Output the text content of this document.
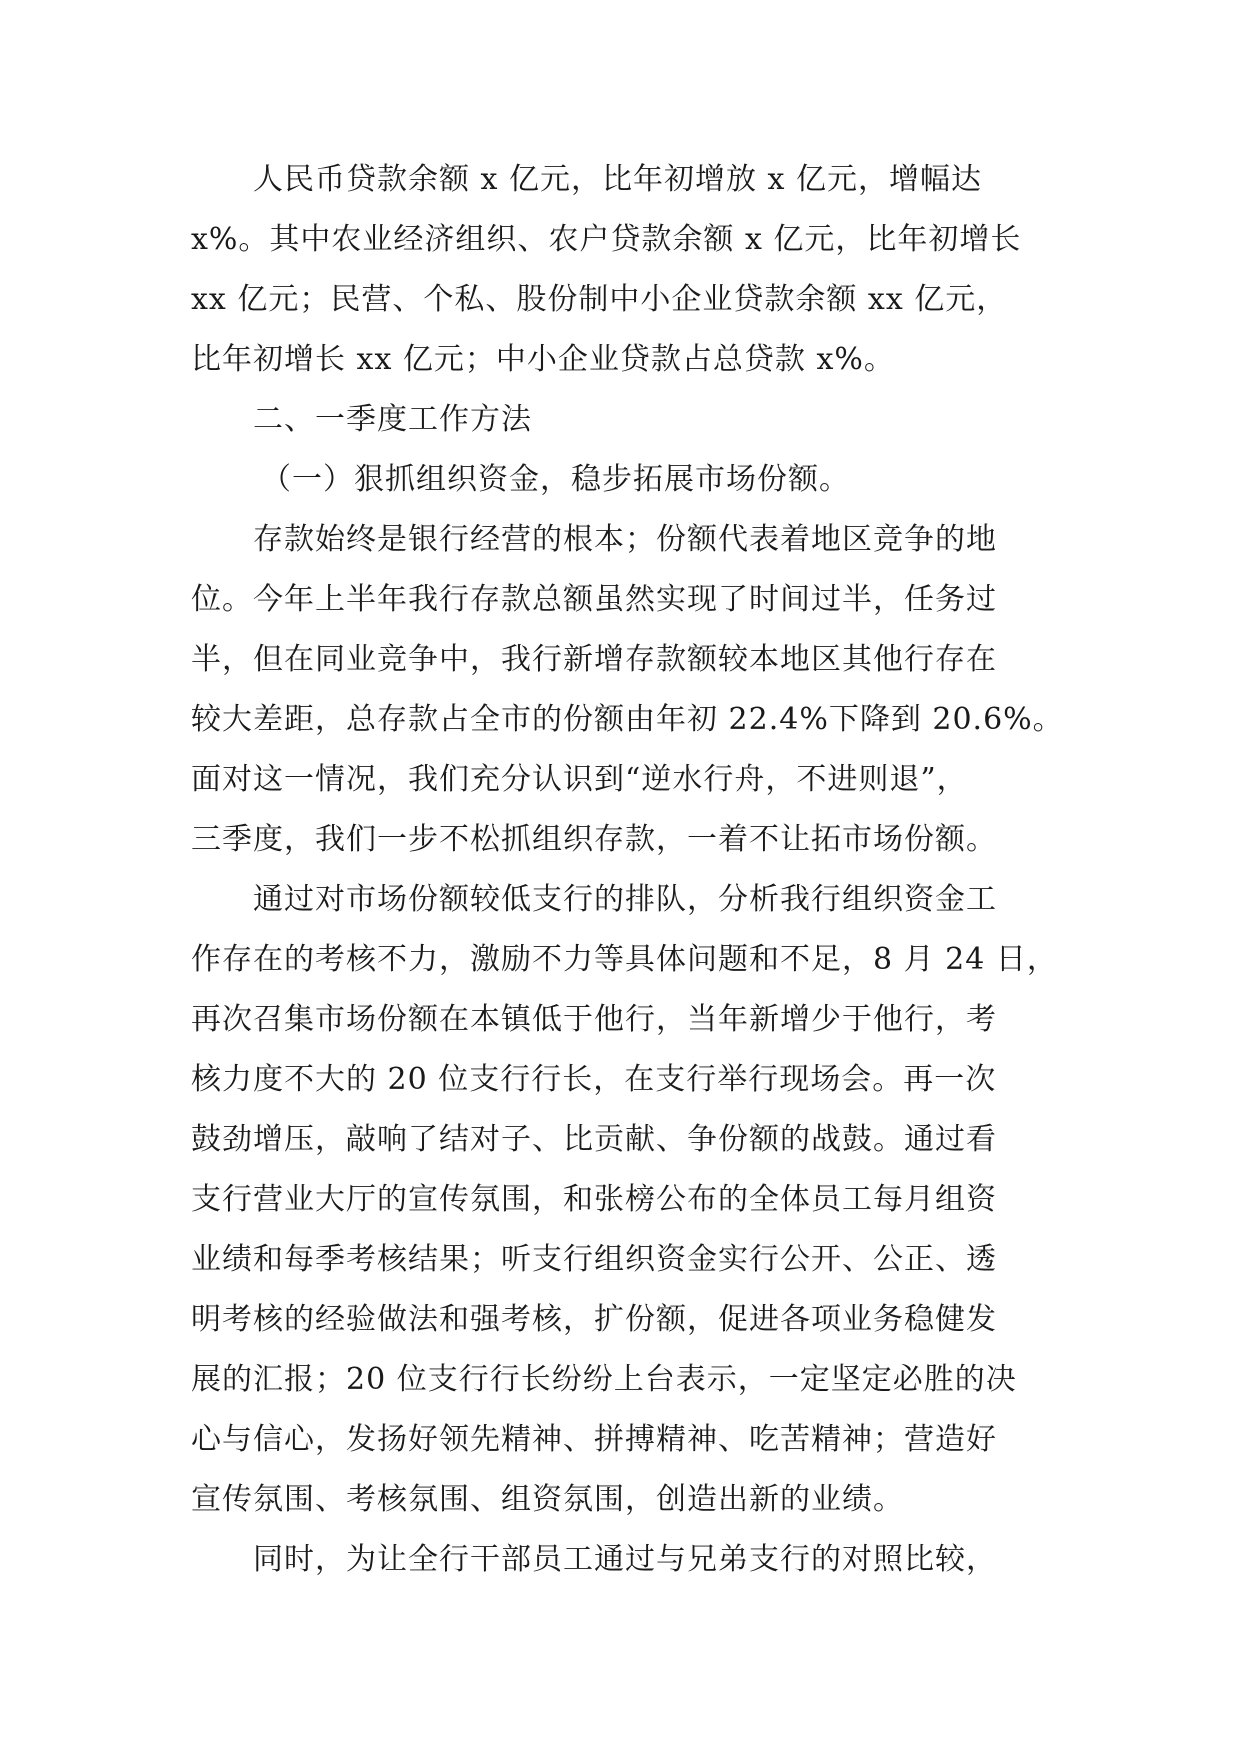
人民币贷款余额 x 亿元，比年初增放 x 亿元，增幅达
x%。其中农业经济组织、农户贷款余额 x 亿元，比年初增长
xx 亿元；民营、个私、股份制中小企业贷款余额 xx 亿元，
比年初增长 xx 亿元；中小企业贷款占总贷款 x%。
二、一季度工作方法
（一）狠抓组织资金，稳步拓展市场份额。
存款始终是银行经营的根本；份额代表着地区竞争的地
位。今年上半年我行存款总额虽然实现了时间过半，任务过
半，但在同业竞争中，我行新增存款额较本地区其他行存在
较大差距，总存款占全市的份额由年初 22.4%下降到 20.6%。
面对这一情况，我们充分认识到“逆水行舟，不进则退”，
三季度，我们一步不松抓组织存款，一着不让拓市场份额。
通过对市场份额较低支行的排队，分析我行组织资金工
作存在的考核不力，激励不力等具体问题和不足，8 月 24 日，
再次召集市场份额在本镇低于他行，当年新增少于他行，考
核力度不大的 20 位支行行长，在支行举行现场会。再一次
鼓劲增压，敲响了结对子、比贡献、争份额的战鼓。通过看
支行营业大厅的宣传氛围，和张榜公布的全体员工每月组资
业绩和每季考核结果；听支行组织资金实行公开、公正、透
明考核的经验做法和强考核，扩份额，促进各项业务稳健发
展的汇报；20 位支行行长纷纷上台表示，一定坚定必胜的决
心与信心，发扬好领先精神、拼搏精神、吃苦精神；营造好
宣传氛围、考核氛围、组资氛围，创造出新的业绩。
同时，为让全行干部员工通过与兄弟支行的对照比较，
